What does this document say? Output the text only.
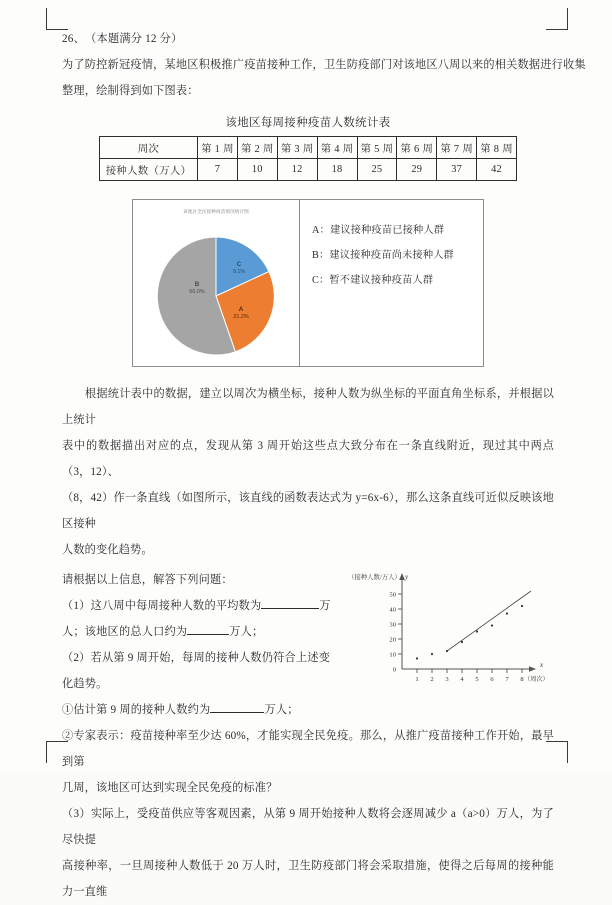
26、　（本题满分 12 分）
为了防控新冠疫情，某地区积极推广疫苗接种工作，卫生防疫部门对该地区八周以来的相关数据进行收集
整理，绘制得到如下图表：
该地区每周接种疫苗人数统计表
周次	第 1 周	第 2 周	第 3 周	第 4 周	第 5 周	第 6 周	第 7 周	第 8 周
接种人数（万人）	7	10	12	18	25	29	37	42
该地区全民接种疫苗情况统计图
C
9.1%
A
21.2%
B
66.0%
A：建议接种疫苗已接种人群
B：建议接种疫苗尚未接种人群
C：暂不建议接种疫苗人群
　　根据统计表中的数据，建立以周次为横坐标，接种人数为纵坐标的平面直角坐标系，并根据以上统计
表中的数据描出对应的点，发现从第 3 周开始这些点大致分布在一条直线附近，现过其中两点（3，12）、
（8，42）作一条直线（如图所示，该直线的函数表达式为 y=6x-6），那么这条直线可近似反映该地区接种
人数的变化趋势。
请根据以上信息，解答下列问题：
（1）这八周中每周接种人数的平均数为	万
人；该地区的总人口约为	万人；
（2）若从第 9 周开始，每周的接种人数仍符合上述变
化趋势。
0
10
20
30
40
50
1 2 3 4 5 6 7 8
y
x
（周次）
（接种人数/万人）
①估计第 9 周的接种人数约为	万人；
②专家表示：疫苗接种率至少达 60%，才能实现全民免疫。那么，从推广疫苗接种工作开始，最早到第
几周，该地区可达到实现全民免疫的标准？
（3）实际上，受疫苗供应等客观因素，从第 9 周开始接种人数将会逐周减少 a（a>0）万人，为了尽快提
高接种率，一旦周接种人数低于 20 万人时，卫生防疫部门将会采取措施，使得之后每周的接种能力一直维
